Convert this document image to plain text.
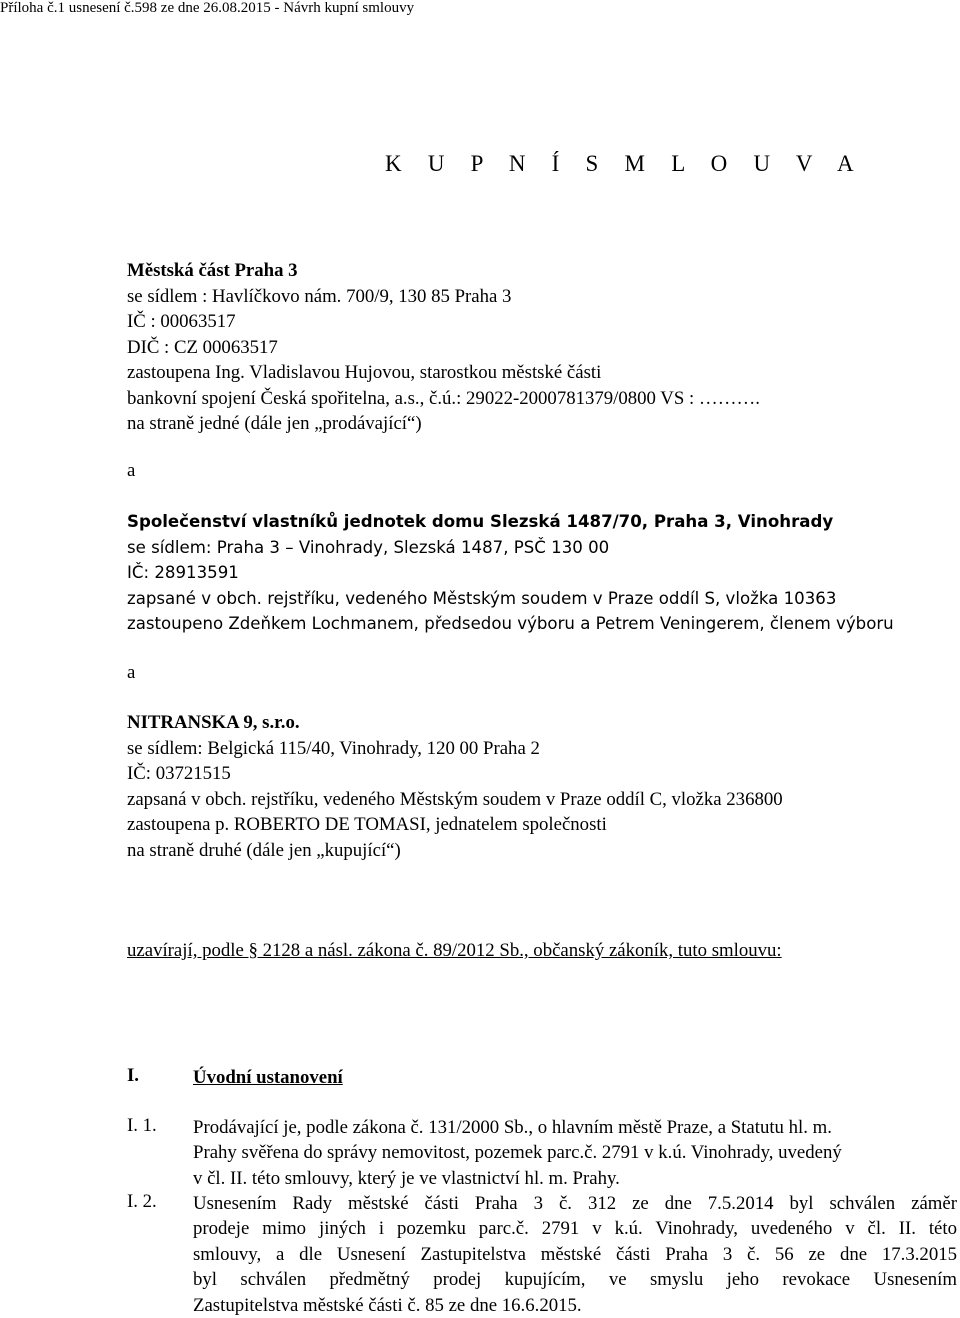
Příloha č.1 usnesení č.598 ze dne 26.08.2015 - Návrh kupní smlouvy
K U P N Í S M L O U V A
Městská část Praha 3
se sídlem : Havlíčkovo nám. 700/9, 130 85 Praha 3
IČ : 00063517
DIČ : CZ 00063517
zastoupena Ing. Vladislavou Hujovou, starostkou městské části
bankovní spojení Česká spořitelna, a.s., č.ú.: 29022-2000781379/0800 VS : ……….
na straně jedné (dále jen „prodávající“)
a
Společenství vlastníků jednotek domu Slezská 1487/70, Praha 3, Vinohrady
se sídlem: Praha 3 – Vinohrady, Slezská 1487, PSČ 130 00
IČ: 28913591
zapsané v obch. rejstříku, vedeného Městským soudem v Praze oddíl S, vložka 10363
zastoupeno Zdeňkem Lochmanem, předsedou výboru a Petrem Veningerem, členem výboru
a
NITRANSKA 9, s.r.o.
se sídlem: Belgická 115/40, Vinohrady, 120 00 Praha 2
IČ: 03721515
zapsaná v obch. rejstříku, vedeného Městským soudem v Praze oddíl C, vložka 236800
zastoupena p. ROBERTO DE TOMASI, jednatelem společnosti
na straně druhé (dále jen „kupující“)
uzavírají, podle § 2128 a násl. zákona č. 89/2012 Sb., občanský zákoník, tuto smlouvu:
I.	Úvodní ustanovení
I. 1. Prodávající je, podle zákona č. 131/2000 Sb., o hlavním městě Praze, a Statutu hl. m.
Prahy svěřena do správy nemovitost, pozemek parc.č. 2791 v k.ú. Vinohrady, uvedený
v čl. II. této smlouvy, který je ve vlastnictví hl. m. Prahy.
I. 2. Usnesením Rady městské části Praha 3 č. 312 ze dne 7.5.2014 byl schválen záměr
prodeje mimo jiných i pozemku parc.č. 2791 v k.ú. Vinohrady, uvedeného v čl. II. této
smlouvy, a dle Usnesení Zastupitelstva městské části Praha 3 č. 56 ze dne 17.3.2015
byl schválen předmětný prodej kupujícím, ve smyslu jeho revokace Usnesením
Zastupitelstva městské části č. 85 ze dne 16.6.2015.
